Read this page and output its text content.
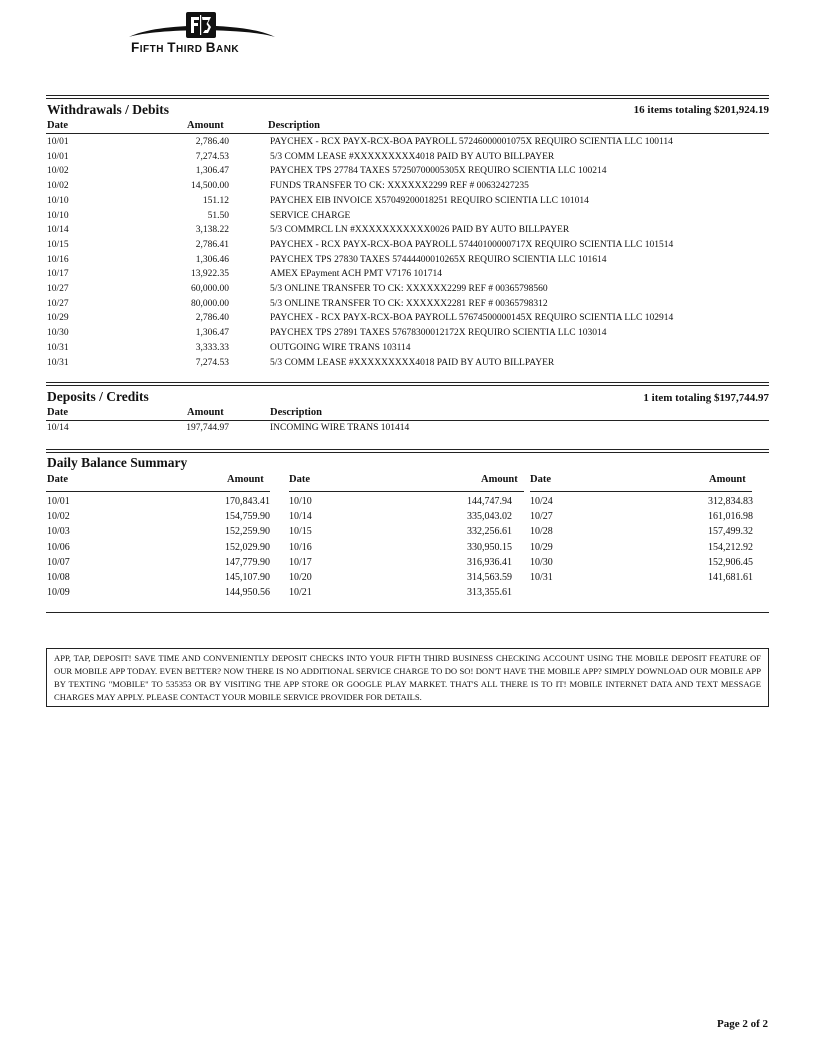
FIFTH THIRD BANK
Withdrawals / Debits	16 items totaling $201,924.19
Date	Amount	Description
10/01	2,786.40	PAYCHEX - RCX PAYX-RCX-BOA PAYROLL 57246000001075X REQUIRO SCIENTIA LLC 100114
10/01	7,274.53	5/3 COMM LEASE #XXXXXXXXX4018 PAID BY AUTO BILLPAYER
10/02	1,306.47	PAYCHEX TPS 27784 TAXES 57250700005305X REQUIRO SCIENTIA LLC 100214
10/02	14,500.00	FUNDS TRANSFER TO CK: XXXXXX2299 REF # 00632427235
10/10	151.12	PAYCHEX EIB INVOICE X57049200018251 REQUIRO SCIENTIA LLC 101014
10/10	51.50	SERVICE CHARGE
10/14	3,138.22	5/3 COMMRCL LN #XXXXXXXXXXX0026 PAID BY AUTO BILLPAYER
10/15	2,786.41	PAYCHEX - RCX PAYX-RCX-BOA PAYROLL 57440100000717X REQUIRO SCIENTIA LLC 101514
10/16	1,306.46	PAYCHEX TPS 27830 TAXES 57444400010265X REQUIRO SCIENTIA LLC 101614
10/17	13,922.35	AMEX EPayment ACH PMT V7176 101714
10/27	60,000.00	5/3 ONLINE TRANSFER TO CK: XXXXXX2299 REF # 00365798560
10/27	80,000.00	5/3 ONLINE TRANSFER TO CK: XXXXXX2281 REF # 00365798312
10/29	2,786.40	PAYCHEX - RCX PAYX-RCX-BOA PAYROLL 57674500000145X REQUIRO SCIENTIA LLC 102914
10/30	1,306.47	PAYCHEX TPS 27891 TAXES 57678300012172X REQUIRO SCIENTIA LLC 103014
10/31	3,333.33	OUTGOING WIRE TRANS 103114
10/31	7,274.53	5/3 COMM LEASE #XXXXXXXXX4018 PAID BY AUTO BILLPAYER
Deposits / Credits	1 item totaling $197,744.97
Date	Amount	Description
10/14	197,744.97	INCOMING WIRE TRANS 101414
Daily Balance Summary
Date	Amount Date	Amount Date	Amount
10/01	170,843.41
10/02	154,759.90
10/03	152,259.90
10/06	152,029.90
10/07	147,779.90
10/08	145,107.90
10/09	144,950.56
10/10	144,747.94
10/14	335,043.02
10/15	332,256.61
10/16	330,950.15
10/17	316,936.41
10/20	314,563.59
10/21	313,355.61
10/24	312,834.83
10/27	161,016.98
10/28	157,499.32
10/29	154,212.92
10/30	152,906.45
10/31	141,681.61
APP, TAP, DEPOSIT! SAVE TIME AND CONVENIENTLY DEPOSIT CHECKS INTO YOUR FIFTH THIRD BUSINESS CHECKING ACCOUNT USING THE MOBILE DEPOSIT FEATURE OF OUR MOBILE APP TODAY. EVEN BETTER? NOW THERE IS NO ADDITIONAL SERVICE CHARGE TO DO SO! DON'T HAVE THE MOBILE APP? SIMPLY DOWNLOAD OUR MOBILE APP BY TEXTING "MOBILE" TO 535353 OR BY VISITING THE APP STORE OR GOOGLE PLAY MARKET. THAT'S ALL THERE IS TO IT! MOBILE INTERNET DATA AND TEXT MESSAGE CHARGES MAY APPLY. PLEASE CONTACT YOUR MOBILE SERVICE PROVIDER FOR DETAILS.
Page 2 of 2
